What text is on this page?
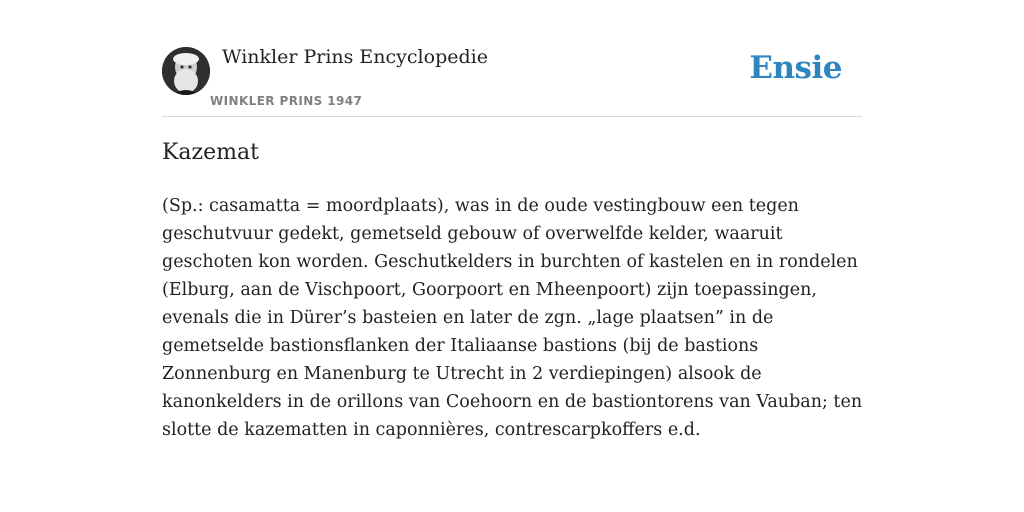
Winkler Prins Encyclopedie
WINKLER PRINS 1947
Ensie
Kazemat

(Sp.: casamatta = moordplaats), was in de oude vestingbouw een tegen geschutvuur gedekt, gemetseld gebouw of overwelfde kelder, waaruit geschoten kon worden. Geschutkelders in burchten of kastelen en in rondelen (Elburg, aan de Vischpoort, Goorpoort en Mheenpoort) zijn toepassingen, evenals die in Dürer’s basteien en later de zgn. „lage plaatsen” in de gemetselde bastionsflanken der Italiaanse bastions (bij de bastions Zonnenburg en Manenburg te Utrecht in 2 verdiepingen) alsook de kanonkelders in de orillons van Coehoorn en de bastiontorens van Vauban; ten slotte de kazematten in caponnières, contrescarpkoffers e.d.
